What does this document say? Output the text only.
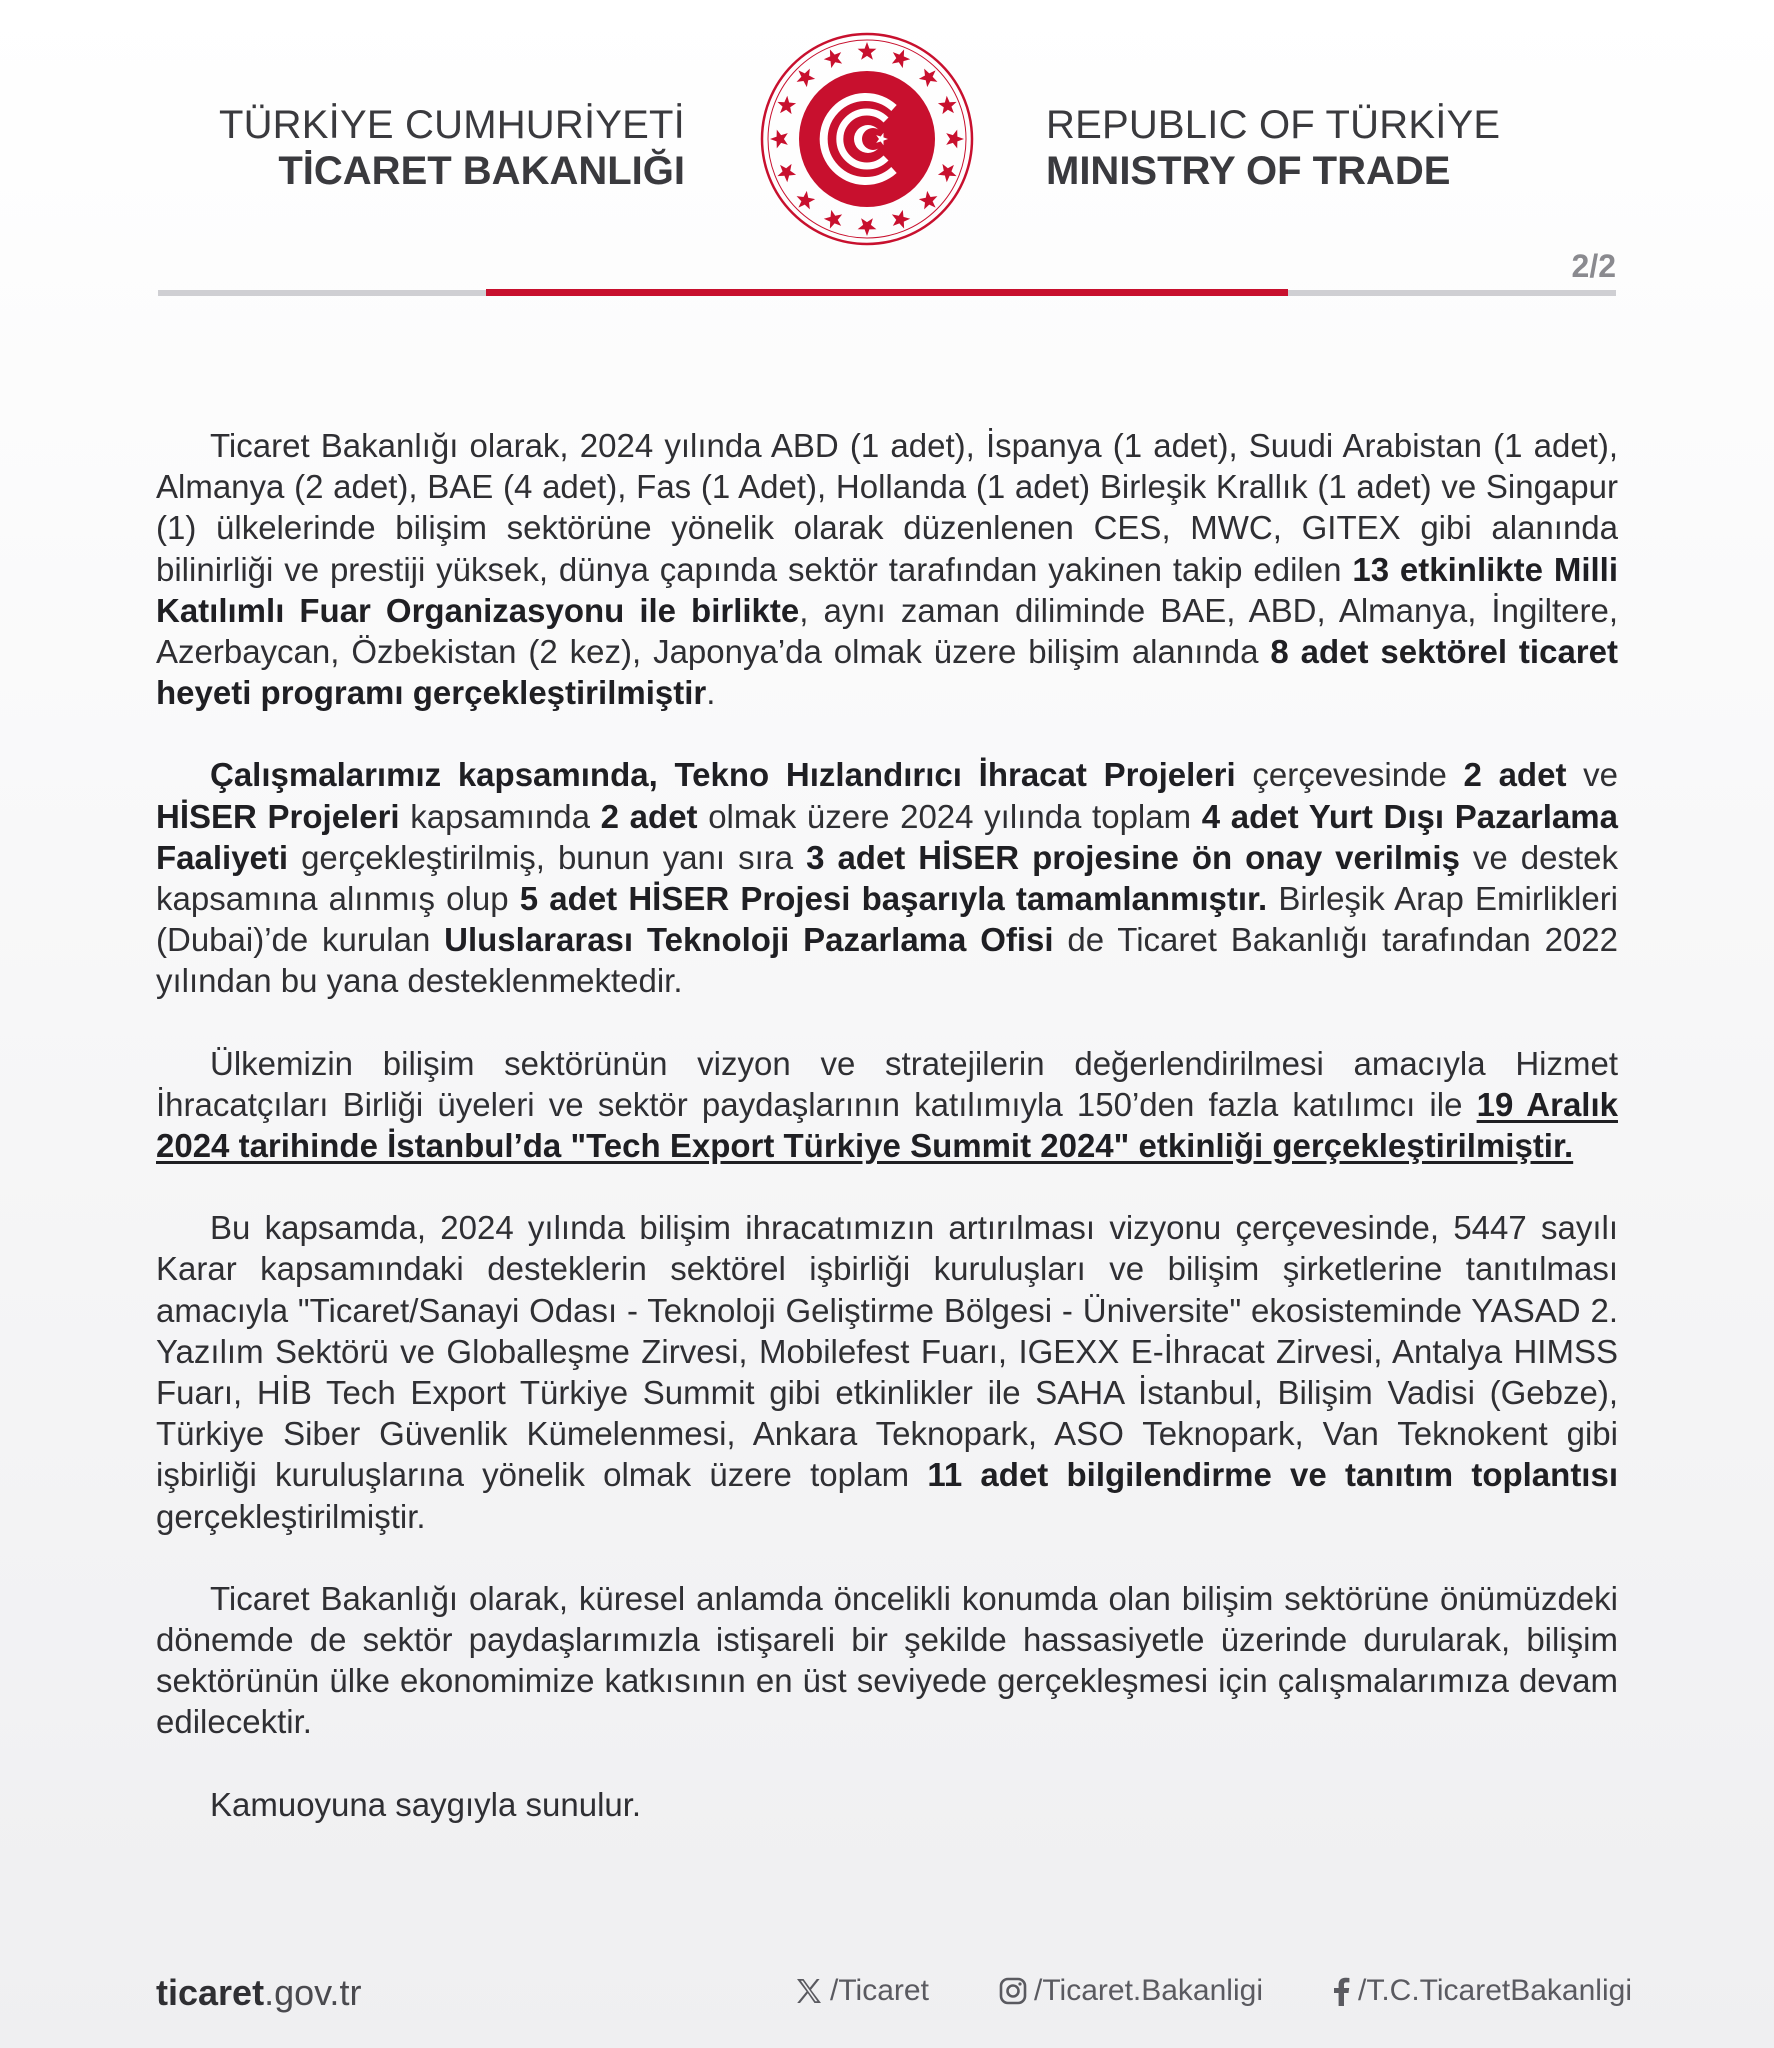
TÜRKİYE CUMHURİYETİ
TİCARET BAKANLIĞI
REPUBLIC OF TÜRKİYE
MINISTRY OF TRADE
2/2

Ticaret Bakanlığı olarak, 2024 yılında ABD (1 adet), İspanya (1 adet), Suudi Arabistan (1 adet), Almanya (2 adet), BAE (4 adet), Fas (1 Adet), Hollanda (1 adet) Birleşik Krallık (1 adet) ve Singapur (1) ülkelerinde bilişim sektörüne yönelik olarak düzenlenen CES, MWC, GITEX gibi alanında bilinirliği ve prestiji yüksek, dünya çapında sektör tarafından yakinen takip edilen 13 etkinlikte Milli Katılımlı Fuar Organizasyonu ile birlikte, aynı zaman diliminde BAE, ABD, Almanya, İngiltere, Azerbaycan, Özbekistan (2 kez), Japonya’da olmak üzere bilişim alanında 8 adet sektörel ticaret heyeti programı gerçekleştirilmiştir.

Çalışmalarımız kapsamında, Tekno Hızlandırıcı İhracat Projeleri çerçevesinde 2 adet ve HİSER Projeleri kapsamında 2 adet olmak üzere 2024 yılında toplam 4 adet Yurt Dışı Pazarlama Faaliyeti gerçekleştirilmiş, bunun yanı sıra 3 adet HİSER projesine ön onay verilmiş ve destek kapsamına alınmış olup 5 adet HİSER Projesi başarıyla tamamlanmıştır. Birleşik Arap Emirlikleri (Dubai)’de kurulan Uluslararası Teknoloji Pazarlama Ofisi de Ticaret Bakanlığı tarafından 2022 yılından bu yana desteklenmektedir.

Ülkemizin bilişim sektörünün vizyon ve stratejilerin değerlendirilmesi amacıyla Hizmet İhracatçıları Birliği üyeleri ve sektör paydaşlarının katılımıyla 150’den fazla katılımcı ile 19 Aralık 2024 tarihinde İstanbul’da "Tech Export Türkiye Summit 2024" etkinliği gerçekleştirilmiştir.

Bu kapsamda, 2024 yılında bilişim ihracatımızın artırılması vizyonu çerçevesinde, 5447 sayılı Karar kapsamındaki desteklerin sektörel işbirliği kuruluşları ve bilişim şirketlerine tanıtılması amacıyla "Ticaret/Sanayi Odası - Teknoloji Geliştirme Bölgesi - Üniversite" ekosisteminde YASAD 2. Yazılım Sektörü ve Globalleşme Zirvesi, Mobilefest Fuarı, IGEXX E-İhracat Zirvesi, Antalya HIMSS Fuarı, HİB Tech Export Türkiye Summit gibi etkinlikler ile SAHA İstanbul, Bilişim Vadisi (Gebze), Türkiye Siber Güvenlik Kümelenmesi, Ankara Teknopark, ASO Teknopark, Van Teknokent gibi işbirliği kuruluşlarına yönelik olmak üzere toplam 11 adet bilgilendirme ve tanıtım toplantısı gerçekleştirilmiştir.

Ticaret Bakanlığı olarak, küresel anlamda öncelikli konumda olan bilişim sektörüne önümüzdeki dönemde de sektör paydaşlarımızla istişareli bir şekilde hassasiyetle üzerinde durularak, bilişim sektörünün ülke ekonomimize katkısının en üst seviyede gerçekleşmesi için çalışmalarımıza devam edilecektir.

Kamuoyuna saygıyla sunulur.

ticaret.gov.tr	/Ticaret	/Ticaret.Bakanligi	/T.C.TicaretBakanligi
